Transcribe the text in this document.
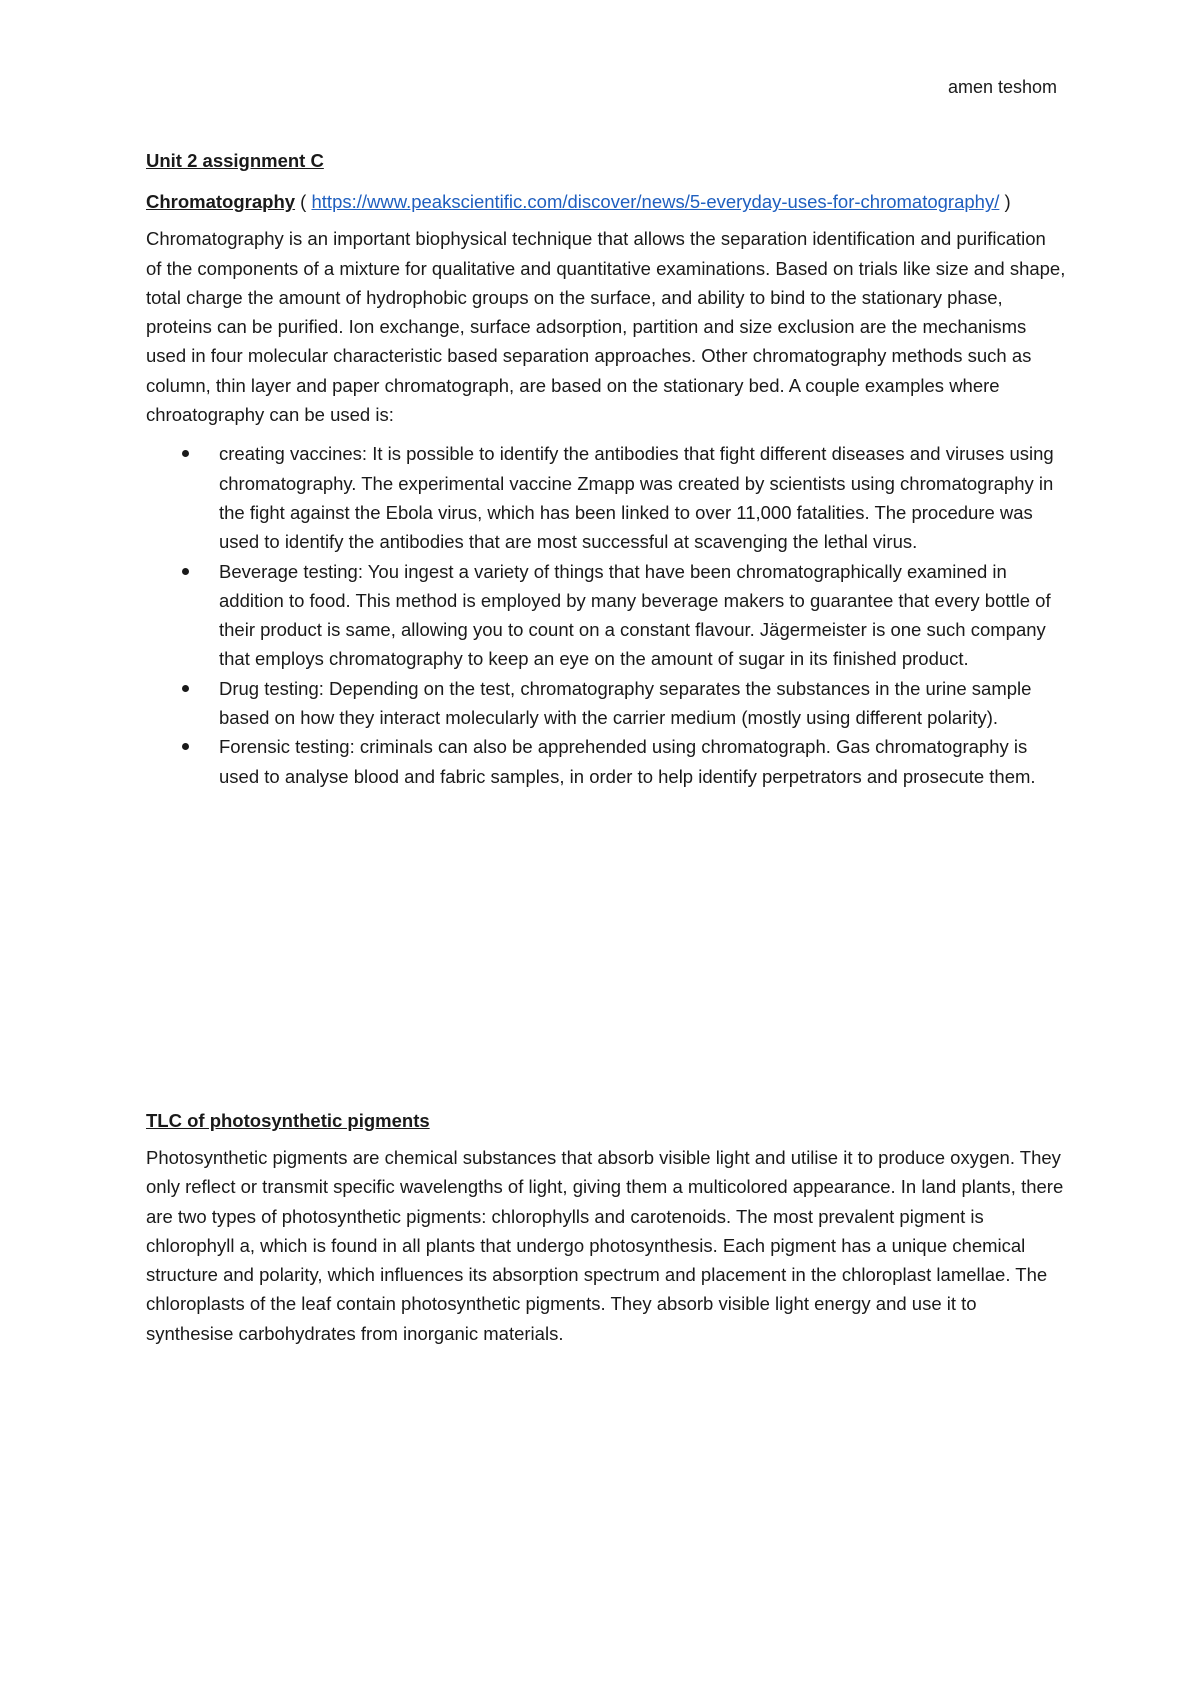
amen teshom
Unit 2 assignment C
Chromatography ( https://www.peakscientific.com/discover/news/5-everyday-uses-for-chromatography/ )

Chromatography is an important biophysical technique that allows the separation identification and purification of the components of a mixture for qualitative and quantitative examinations. Based on trials like size and shape, total charge the amount of hydrophobic groups on the surface, and ability to bind to the stationary phase, proteins can be purified. Ion exchange, surface adsorption, partition and size exclusion are the mechanisms used in four molecular characteristic based separation approaches. Other chromatography methods such as column, thin layer and paper chromatograph, are based on the stationary bed. A couple examples where chroatography can be used is:

creating vaccines: It is possible to identify the antibodies that fight different diseases and viruses using chromatography. The experimental vaccine Zmapp was created by scientists using chromatography in the fight against the Ebola virus, which has been linked to over 11,000 fatalities. The procedure was used to identify the antibodies that are most successful at scavenging the lethal virus.
Beverage testing: You ingest a variety of things that have been chromatographically examined in addition to food. This method is employed by many beverage makers to guarantee that every bottle of their product is same, allowing you to count on a constant flavour. Jägermeister is one such company that employs chromatography to keep an eye on the amount of sugar in its finished product.
Drug testing: Depending on the test, chromatography separates the substances in the urine sample based on how they interact molecularly with the carrier medium (mostly using different polarity).
Forensic testing: criminals can also be apprehended using chromatograph. Gas chromatography is used to analyse blood and fabric samples, in order to help identify perpetrators and prosecute them.
TLC of photosynthetic pigments

Photosynthetic pigments are chemical substances that absorb visible light and utilise it to produce oxygen. They only reflect or transmit specific wavelengths of light, giving them a multicolored appearance. In land plants, there are two types of photosynthetic pigments: chlorophylls and carotenoids. The most prevalent pigment is chlorophyll a, which is found in all plants that undergo photosynthesis. Each pigment has a unique chemical structure and polarity, which influences its absorption spectrum and placement in the chloroplast lamellae. The chloroplasts of the leaf contain photosynthetic pigments. They absorb visible light energy and use it to synthesise carbohydrates from inorganic materials.
